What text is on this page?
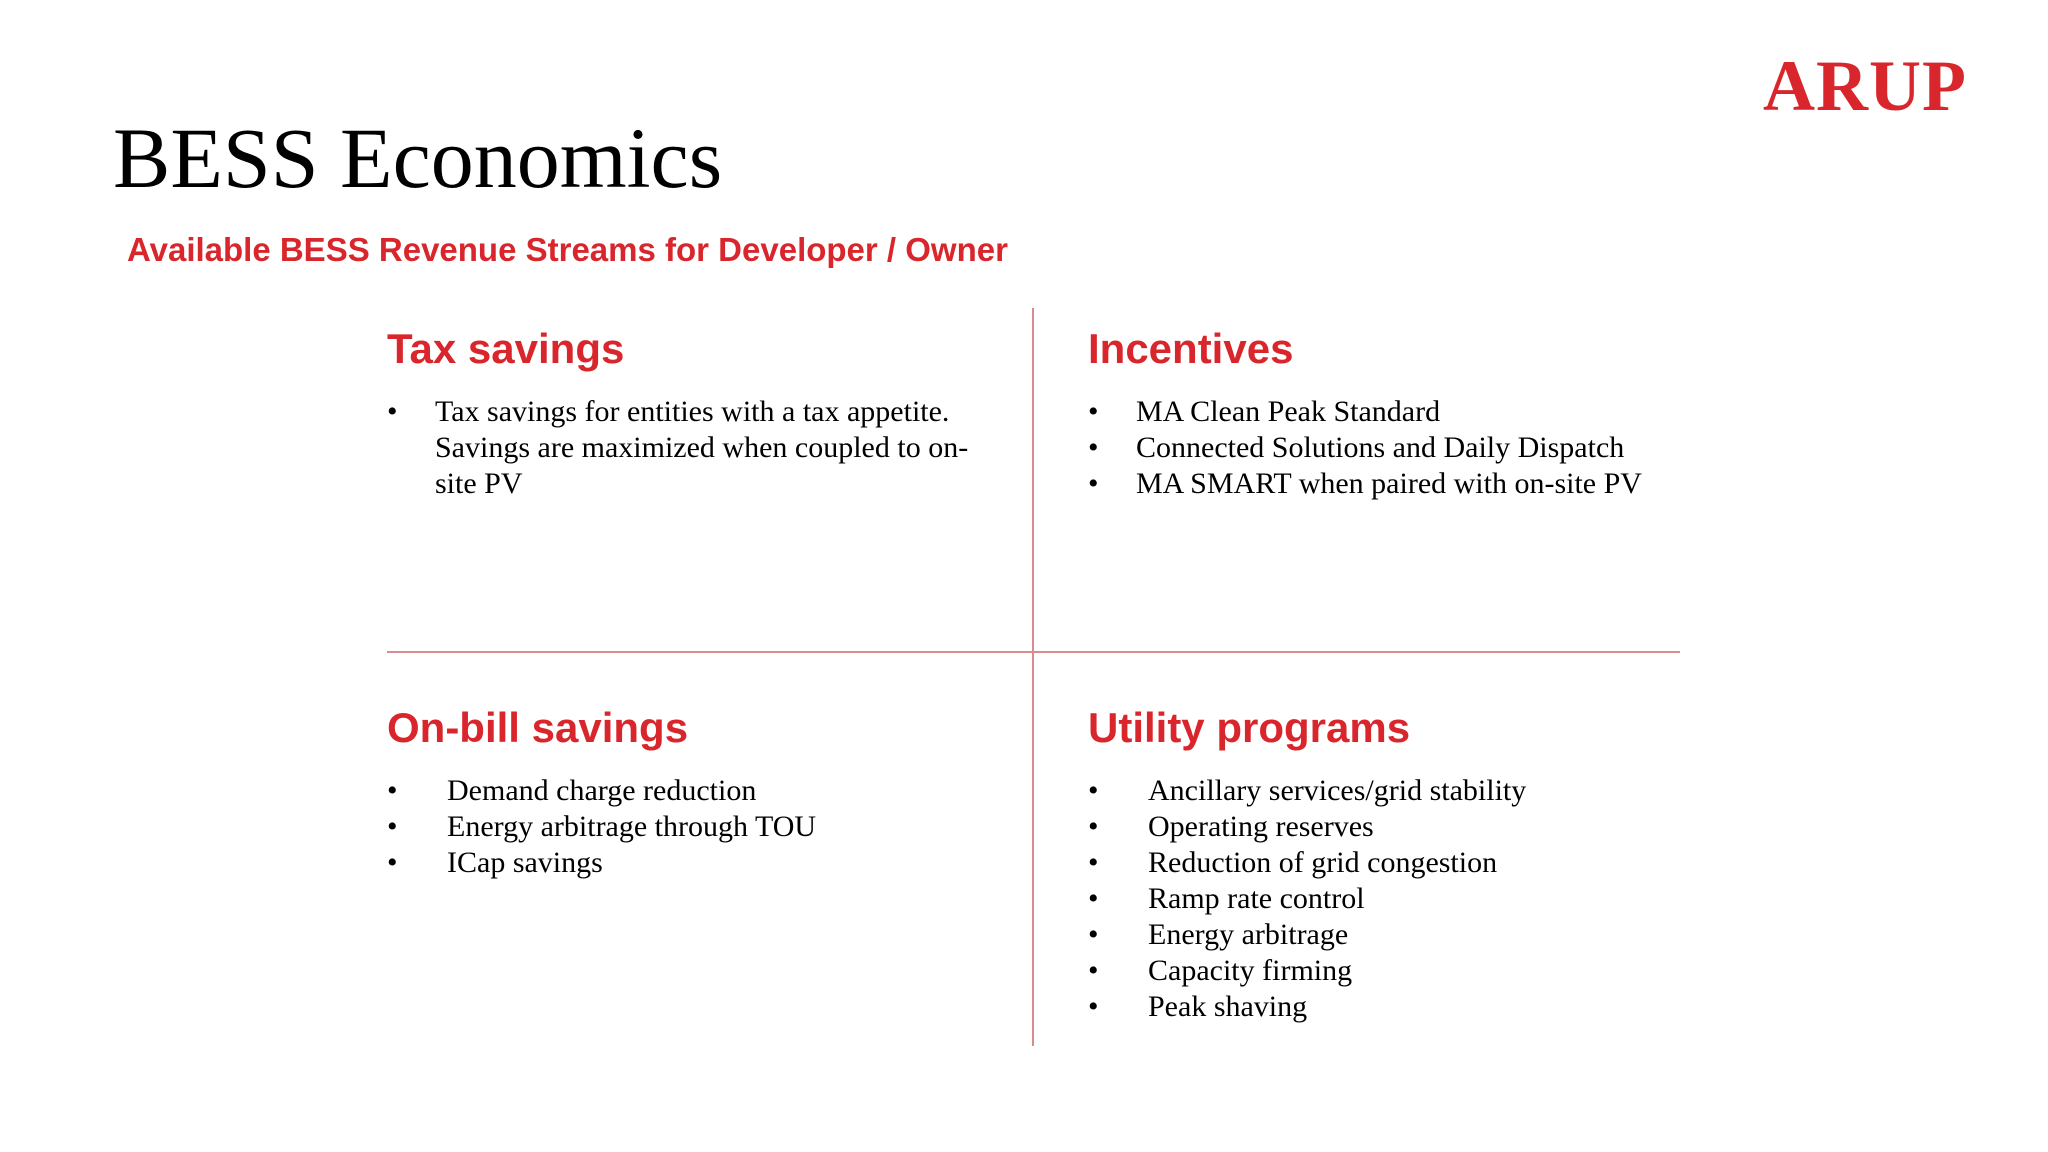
ARUP
BESS Economics
Available BESS Revenue Streams for Developer / Owner
Tax savings
• Tax savings for entities with a tax appetite. Savings are maximized when coupled to on-site PV
Incentives
• MA Clean Peak Standard
• Connected Solutions and Daily Dispatch
• MA SMART when paired with on-site PV
On-bill savings
• Demand charge reduction
• Energy arbitrage through TOU
• ICap savings
Utility programs
• Ancillary services/grid stability
• Operating reserves
• Reduction of grid congestion
• Ramp rate control
• Energy arbitrage
• Capacity firming
• Peak shaving
